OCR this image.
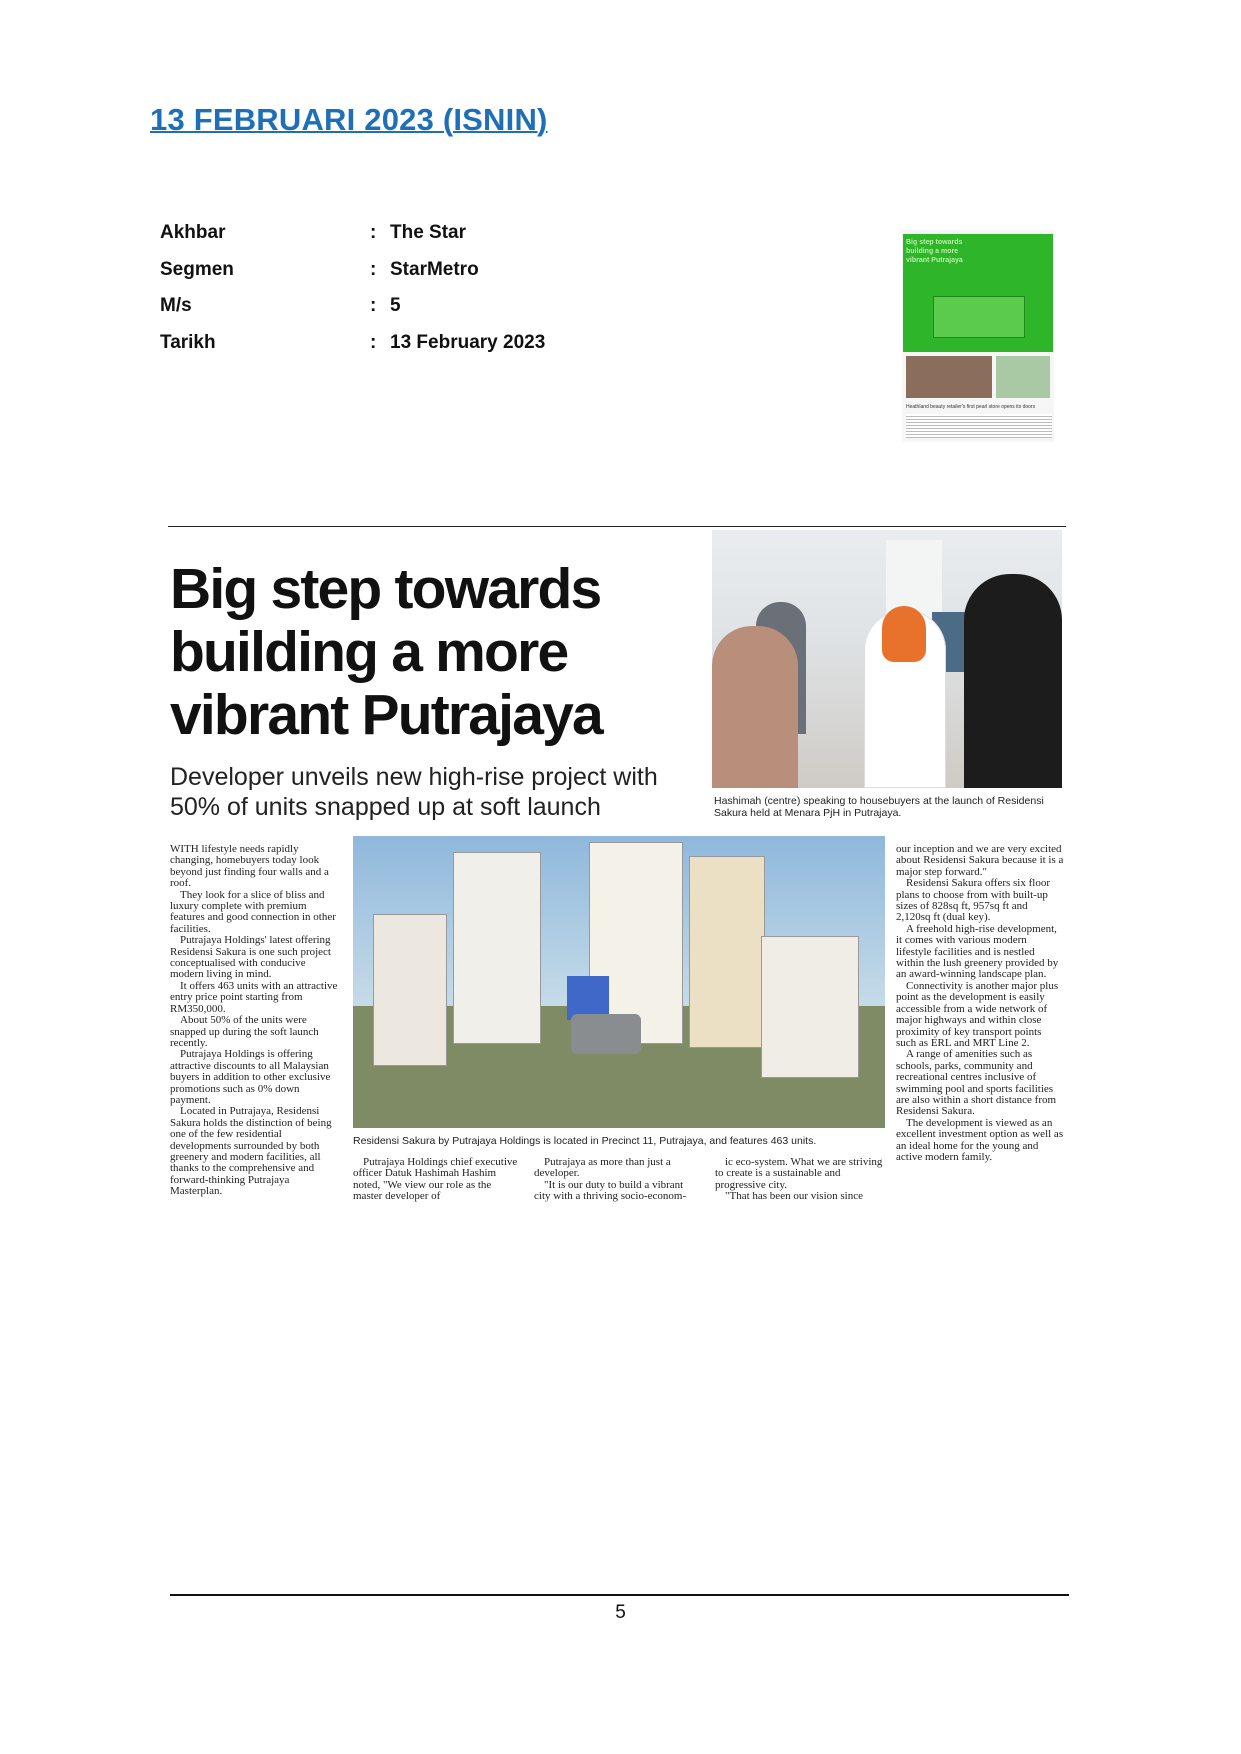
13 FEBRUARI 2023 (ISNIN)
Akhbar	: The Star
Segmen	: StarMetro
M/s	: 5
Tarikh	: 13 February 2023
Big step towards building a more vibrant Putrajaya
Heathland beauty retailer's first pearl store opens its doors
Big step towards building a more vibrant Putrajaya
Developer unveils new high-rise project with 50% of units snapped up at soft launch	Hashimah (centre) speaking to housebuyers at the launch of Residensi Sakura held at Menara PjH in Putrajaya.

WITH lifestyle needs rapidly changing, homebuyers today look beyond just finding four walls and a roof.

They look for a slice of bliss and luxury complete with premium features and good connection in other facilities.

Putrajaya Holdings' latest offering Residensi Sakura is one such project conceptualised with conducive modern living in mind.

It offers 463 units with an attractive entry price point starting from RM350,000.

About 50% of the units were snapped up during the soft launch recently.

Putrajaya Holdings is offering attractive discounts to all Malaysian buyers in addition to other exclusive promotions such as 0% down payment.

Located in Putrajaya, Residensi Sakura holds the distinction of being one of the few residential developments surrounded by both greenery and modern facilities, all thanks to the comprehensive and forward-thinking Putrajaya Masterplan.

Residensi Sakura by Putrajaya Holdings is located in Precinct 11, Putrajaya, and features 463 units.

Putrajaya Holdings chief executive officer Datuk Hashimah Hashim noted, "We view our role as the master developer of

Putrajaya as more than just a developer.

"It is our duty to build a vibrant city with a thriving socio-econom-

ic eco-system. What we are striving to create is a sustainable and progressive city.

"That has been our vision since

our inception and we are very excited about Residensi Sakura because it is a major step forward."

Residensi Sakura offers six floor plans to choose from with built-up sizes of 828sq ft, 957sq ft and 2,120sq ft (dual key).

A freehold high-rise development, it comes with various modern lifestyle facilities and is nestled within the lush greenery provided by an award-winning landscape plan.

Connectivity is another major plus point as the development is easily accessible from a wide network of major highways and within close proximity of key transport points such as ERL and MRT Line 2.

A range of amenities such as schools, parks, community and recreational centres inclusive of swimming pool and sports facilities are also within a short distance from Residensi Sakura.

The development is viewed as an excellent investment option as well as an ideal home for the young and active modern family.

5
